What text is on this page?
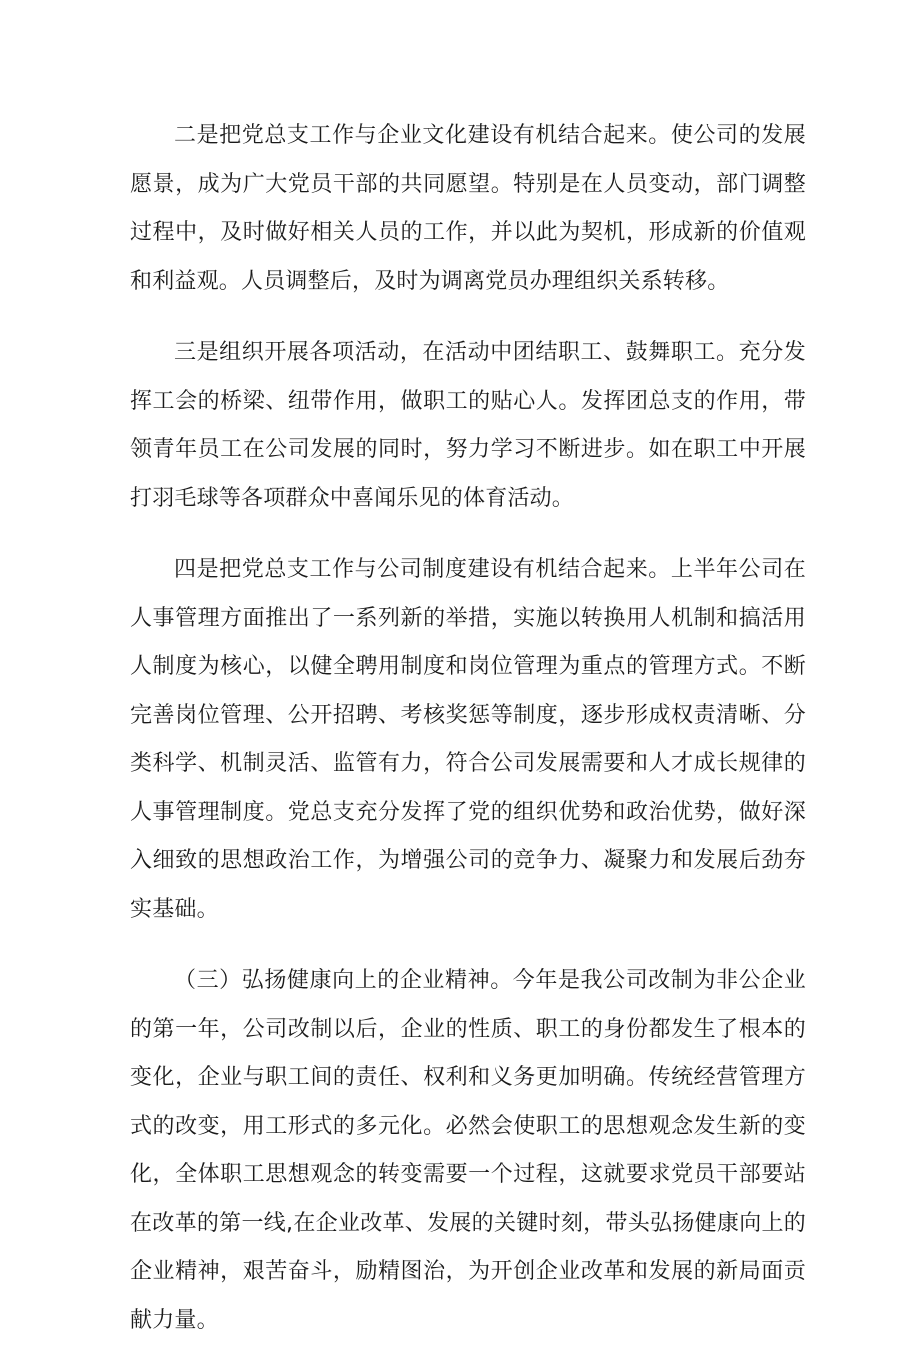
二是把党总支工作与企业文化建设有机结合起来。使公司的发展愿景，成为广大党员干部的共同愿望。特别是在人员变动，部门调整过程中，及时做好相关人员的工作，并以此为契机，形成新的价值观和利益观。人员调整后，及时为调离党员办理组织关系转移。

三是组织开展各项活动，在活动中团结职工、鼓舞职工。充分发挥工会的桥梁、纽带作用，做职工的贴心人。发挥团总支的作用，带领青年员工在公司发展的同时，努力学习不断进步。如在职工中开展打羽毛球等各项群众中喜闻乐见的体育活动。

四是把党总支工作与公司制度建设有机结合起来。上半年公司在人事管理方面推出了一系列新的举措，实施以转换用人机制和搞活用人制度为核心，以健全聘用制度和岗位管理为重点的管理方式。不断完善岗位管理、公开招聘、考核奖惩等制度，逐步形成权责清晰、分类科学、机制灵活、监管有力，符合公司发展需要和人才成长规律的人事管理制度。党总支充分发挥了党的组织优势和政治优势，做好深入细致的思想政治工作，为增强公司的竞争力、凝聚力和发展后劲夯实基础。

（三）弘扬健康向上的企业精神。今年是我公司改制为非公企业的第一年，公司改制以后，企业的性质、职工的身份都发生了根本的变化，企业与职工间的责任、权利和义务更加明确。传统经营管理方式的改变，用工形式的多元化。必然会使职工的思想观念发生新的变化，全体职工思想观念的转变需要一个过程，这就要求党员干部要站在改革的第一线,在企业改革、发展的关键时刻，带头弘扬健康向上的企业精神，艰苦奋斗，励精图治，为开创企业改革和发展的新局面贡献力量。
